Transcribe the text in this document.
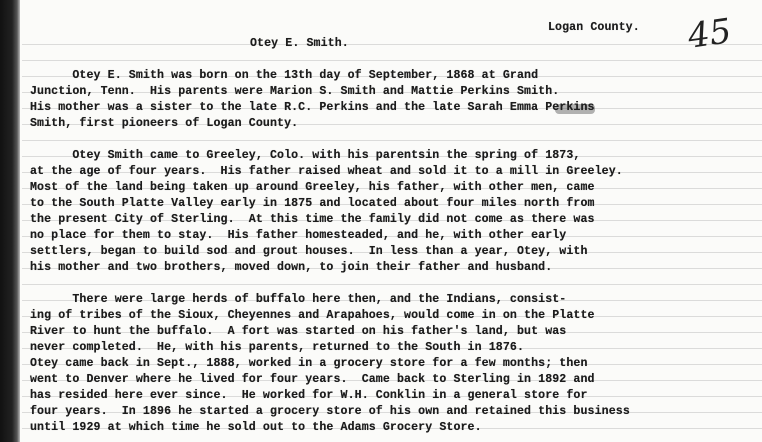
Logan County. 45
Otey E. Smith.
Otey E. Smith was born on the 13th day of September, 1868 at Grand
Junction, Tenn.  His parents were Marion S. Smith and Mattie Perkins Smith.
His mother was a sister to the late R.C. Perkins and the late Sarah Emma Perkins
Smith, first pioneers of Logan County.
Otey Smith came to Greeley, Colo. with his parentsin the spring of 1873,
at the age of four years.  His father raised wheat and sold it to a mill in Greeley.
Most of the land being taken up around Greeley, his father, with other men, came
to the South Platte Valley early in 1875 and located about four miles north from
the present City of Sterling.  At this time the family did not come as there was
no place for them to stay.  His father homesteaded, and he, with other early
settlers, began to build sod and grout houses.  In less than a year, Otey, with
his mother and two brothers, moved down, to join their father and husband.
There were large herds of buffalo here then, and the Indians, consist-
ing of tribes of the Sioux, Cheyennes and Arapahoes, would come in on the Platte
River to hunt the buffalo.  A fort was started on his father's land, but was
never completed.  He, with his parents, returned to the South in 1876.
Otey came back in Sept., 1888, worked in a grocery store for a few months; then
went to Denver where he lived for four years.  Came back to Sterling in 1892 and
has resided here ever since.  He worked for W.H. Conklin in a general store for
four years.  In 1896 he started a grocery store of his own and retained this business
until 1929 at which time he sold out to the Adams Grocery Store.
